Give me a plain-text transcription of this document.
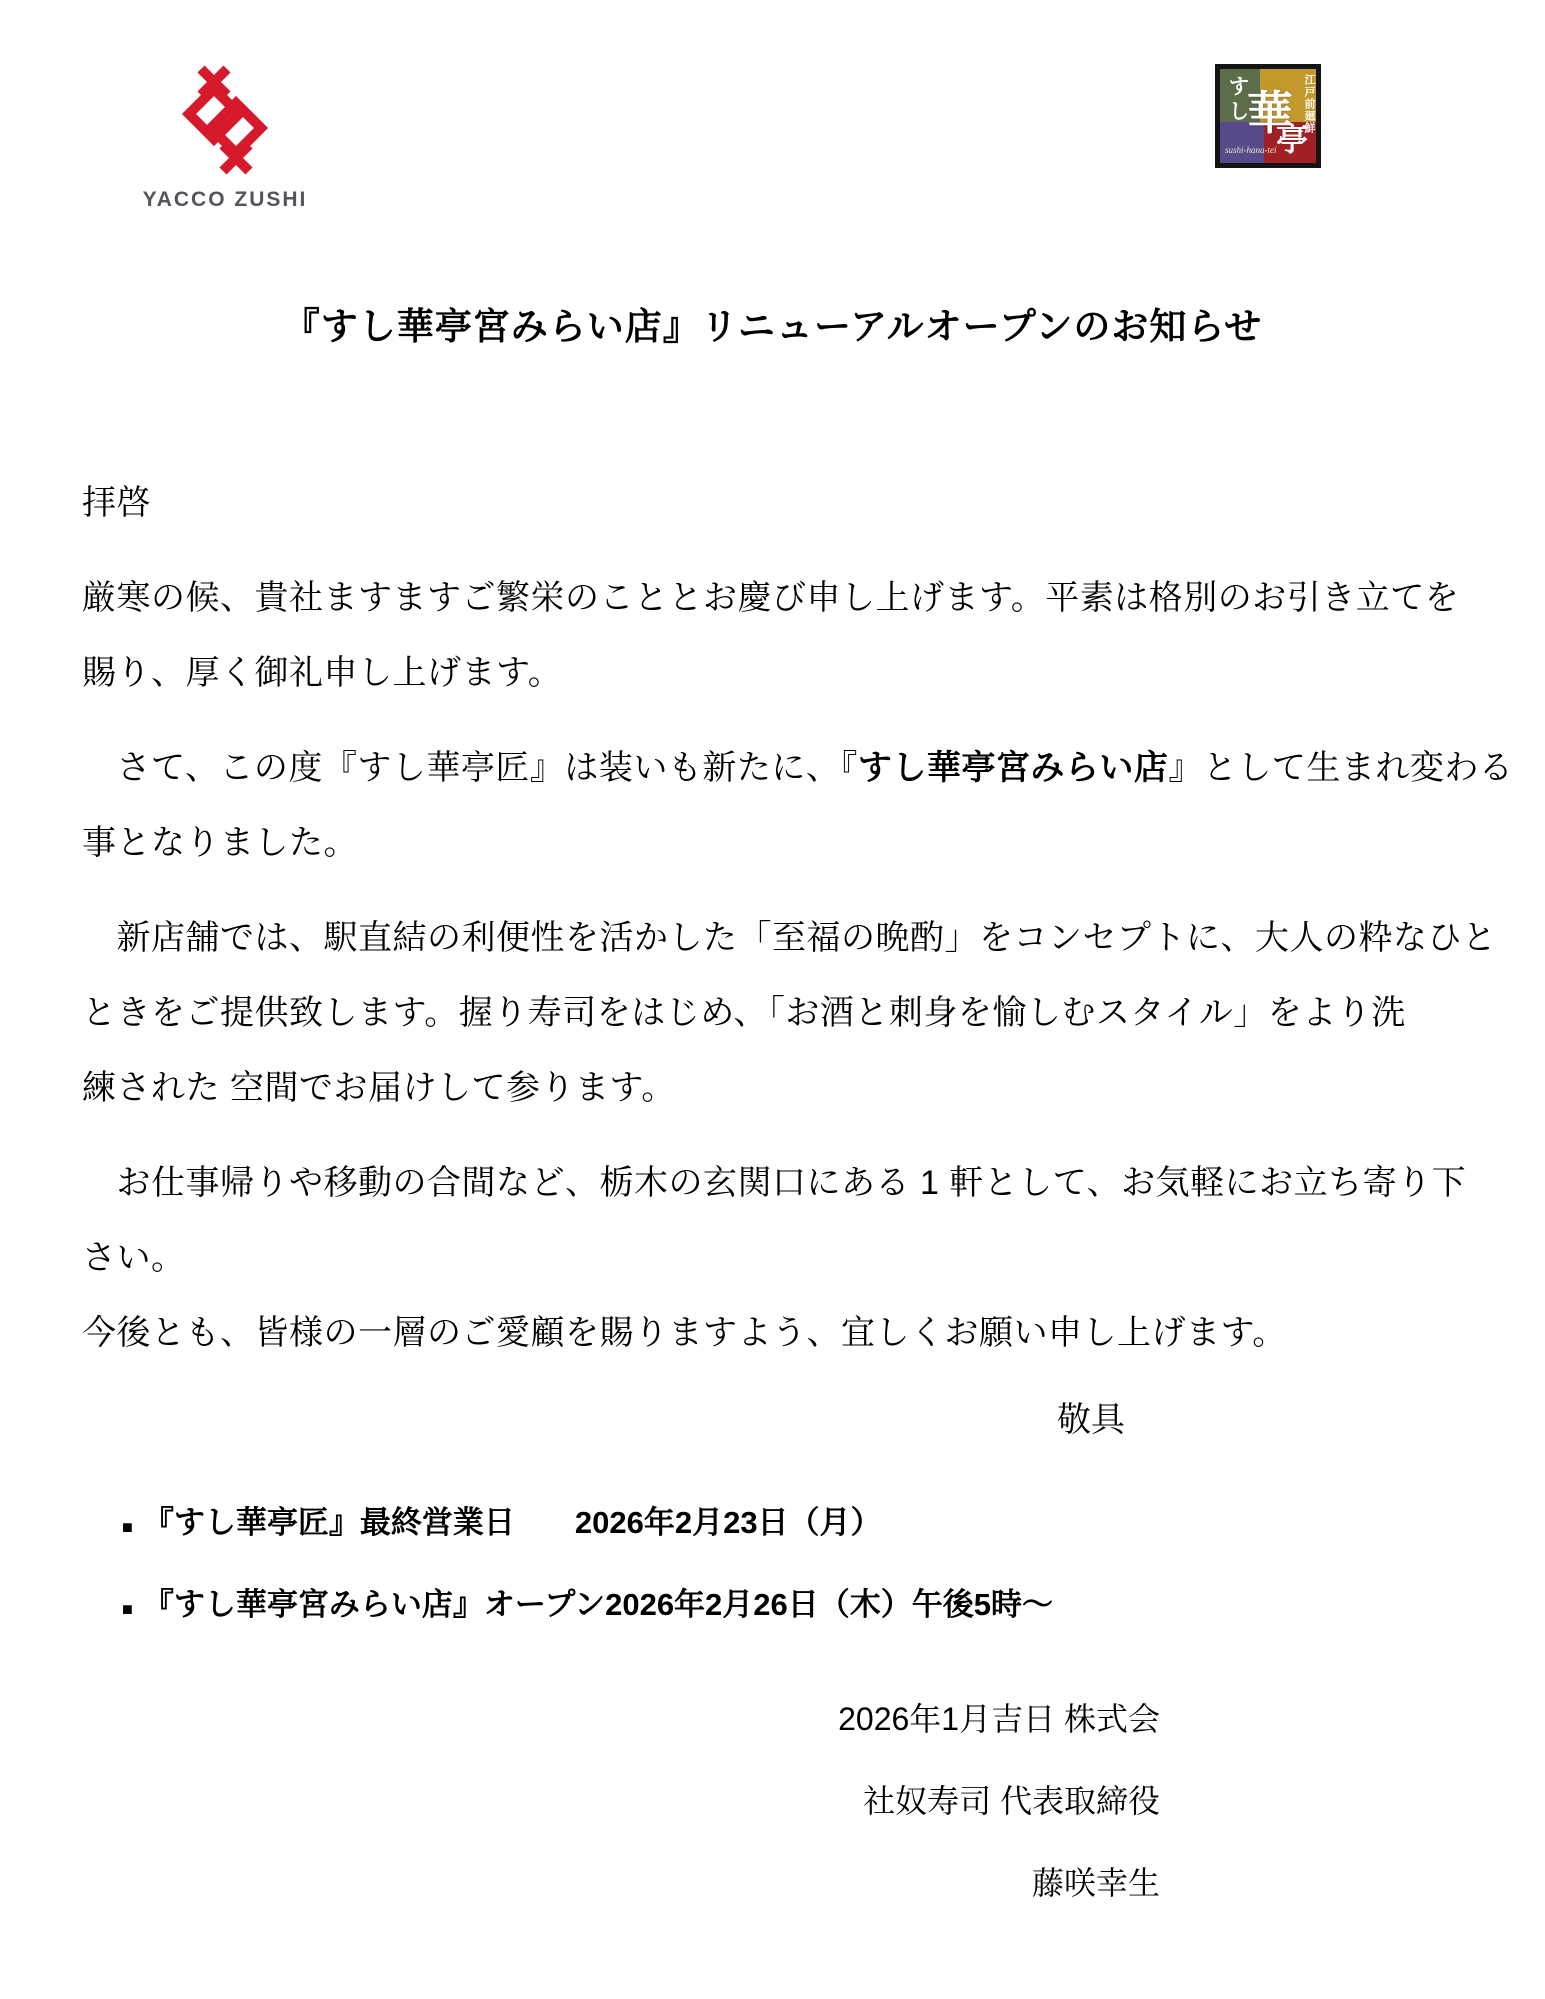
YACCO ZUSHI
すし
華
亭
江戸前廻鮮
sushi-hana-tei
『すし華亭宮みらい店』リニューアルオープンのお知らせ
拝啓
厳寒の候、貴社ますますご繁栄のこととお慶び申し上げます。平素は格別のお引き立てを
賜り、厚く御礼申し上げます。
　さて、この度『すし華亭匠』は装いも新たに、『すし華亭宮みらい店』として生まれ変わる
事となりました。
　新店舗では、駅直結の利便性を活かした「至福の晩酌」をコンセプトに、大人の粋なひと
ときをご提供致します。握り寿司をはじめ、「お酒と刺身を愉しむスタイル」をより洗
練された 空間でお届けして参ります。
　お仕事帰りや移動の合間など、栃木の玄関口にある 1 軒として、お気軽にお立ち寄り下
さい。
今後とも、皆様の一層のご愛顧を賜りますよう、宜しくお願い申し上げます。
敬具
■ 『すし華亭匠』最終営業日	2026年2月23日（月）
■ 『すし華亭宮みらい店』オープン 2026年2月26日（木）午後5時～
2026年1月吉日 株式会
社奴寿司 代表取締役
藤咲幸生
